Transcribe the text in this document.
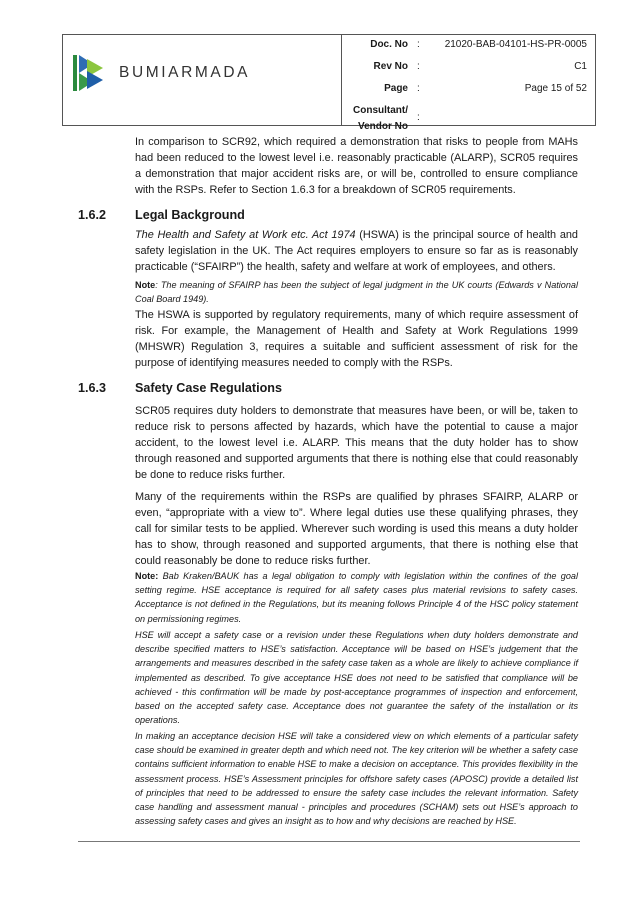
BUMIARMADA
Doc. No : 21020-BAB-04101-HS-PR-0005
Rev No :	C1
Page :	Page 15 of 52
Consultant/ Vendor No
:

In comparison to SCR92, which required a demonstration that risks to people from MAHs had been reduced to the lowest level i.e. reasonably practicable (ALARP), SCR05 requires a demonstration that major accident risks are, or will be, controlled to ensure compliance with the RSPs. Refer to Section 1.6.3 for a breakdown of SCR05 requirements.

1.6.2 Legal Background

The Health and Safety at Work etc. Act 1974 (HSWA) is the principal source of health and safety legislation in the UK. The Act requires employers to ensure so far as is reasonably practicable (“SFAIRP”) the health, safety and welfare at work of employees, and others.

Note: The meaning of SFAIRP has been the subject of legal judgment in the UK courts (Edwards v National Coal Board 1949).

The HSWA is supported by regulatory requirements, many of which require assessment of risk. For example, the Management of Health and Safety at Work Regulations 1999 (MHSWR) Regulation 3, requires a suitable and sufficient assessment of risk for the purpose of identifying measures needed to comply with the RSPs.

1.6.3 Safety Case Regulations

SCR05 requires duty holders to demonstrate that measures have been, or will be, taken to reduce risk to persons affected by hazards, which have the potential to cause a major accident, to the lowest level i.e. ALARP. This means that the duty holder has to show through reasoned and supported arguments that there is nothing else that could reasonably be done to reduce risks further.

Many of the requirements within the RSPs are qualified by phrases SFAIRP, ALARP or even, “appropriate with a view to”. Where legal duties use these qualifying phrases, they call for similar tests to be applied. Wherever such wording is used this means a duty holder has to show, through reasoned and supported arguments, that there is nothing else that could reasonably be done to reduce risks further.

Note: Bab Kraken/BAUK has a legal obligation to comply with legislation within the confines of the goal setting regime. HSE acceptance is required for all safety cases plus material revisions to safety cases. Acceptance is not defined in the Regulations, but its meaning follows Principle 4 of the HSC policy statement on permissioning regimes.

HSE will accept a safety case or a revision under these Regulations when duty holders demonstrate and describe specified matters to HSE’s satisfaction. Acceptance will be based on HSE’s judgement that the arrangements and measures described in the safety case taken as a whole are likely to achieve compliance if implemented as described. To give acceptance HSE does not need to be satisfied that compliance will be achieved - this confirmation will be made by post-acceptance programmes of inspection and enforcement, based on the accepted safety case. Acceptance does not guarantee the safety of the installation or its operations.

In making an acceptance decision HSE will take a considered view on which elements of a particular safety case should be examined in greater depth and which need not. The key criterion will be whether a safety case contains sufficient information to enable HSE to make a decision on acceptance. This provides flexibility in the assessment process. HSE’s Assessment principles for offshore safety cases (APOSC) provide a detailed list of principles that need to be addressed to ensure the safety case includes the relevant information. Safety case handling and assessment manual - principles and procedures (SCHAM) sets out HSE’s approach to assessing safety cases and gives an insight as to how and why decisions are reached by HSE.
